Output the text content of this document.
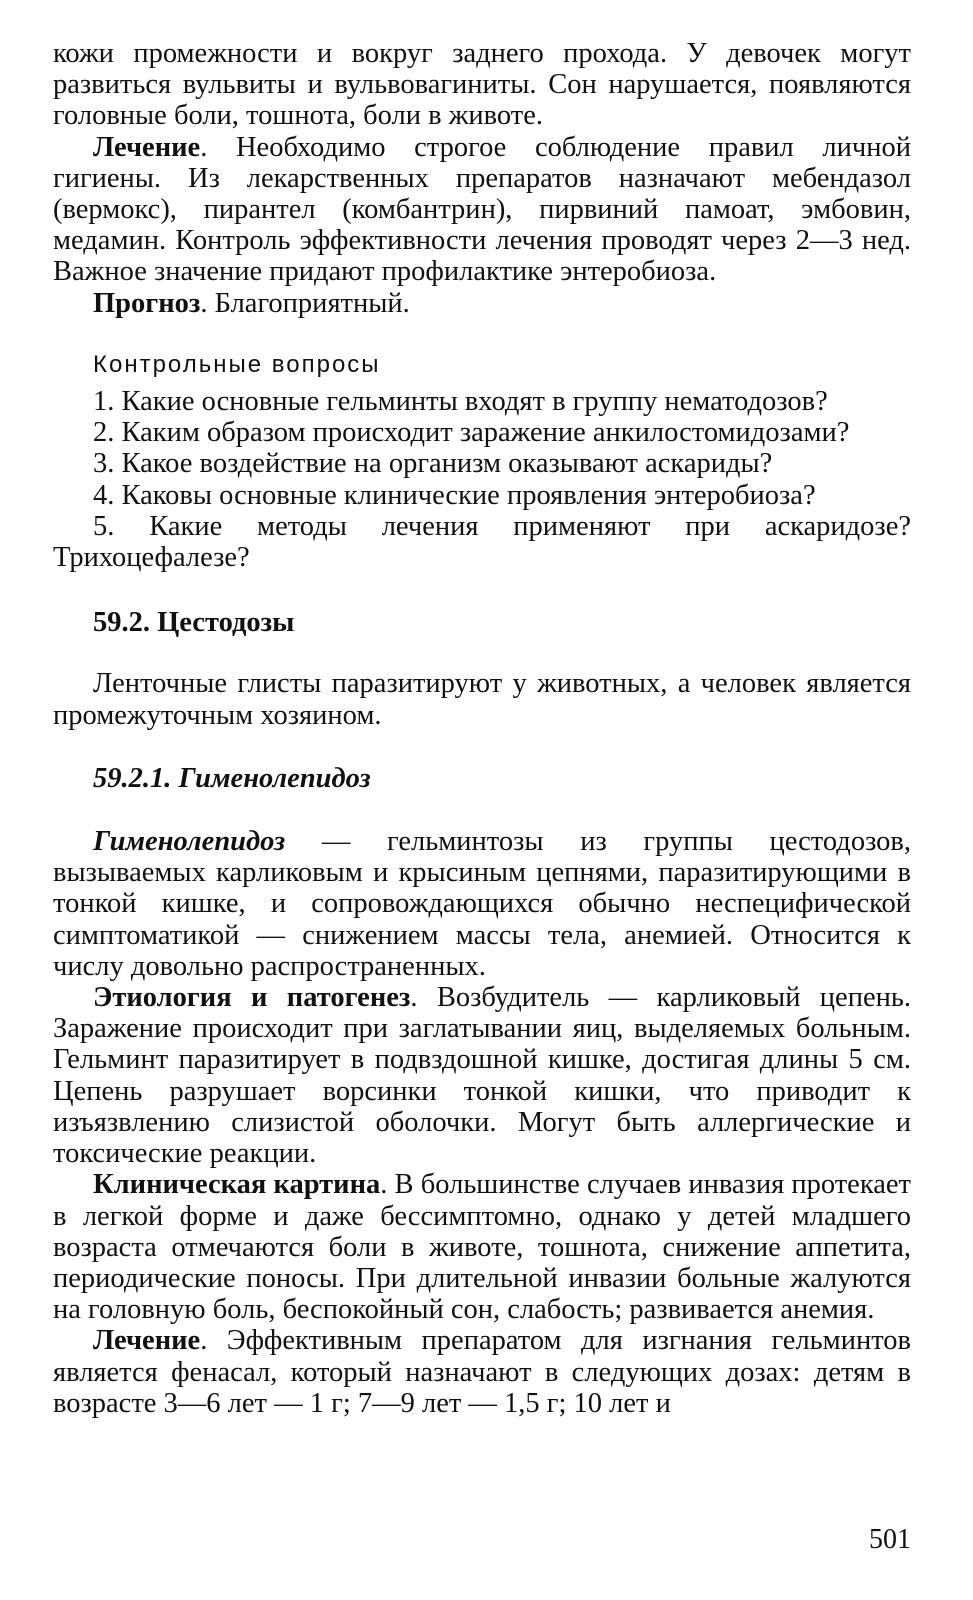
кожи промежности и вокруг заднего прохода. У девочек могут развиться вульвиты и вульвовагиниты. Сон нарушается, появляются головные боли, тошнота, боли в животе.

Лечение. Необходимо строгое соблюдение правил личной гигиены. Из лекарственных препаратов назначают мебендазол (вермокс), пирантел (комбантрин), пирвиний памоат, эмбовин, медамин. Контроль эффективности лечения проводят через 2—3 нед. Важное значение придают профилактике энтеробиоза.

Прогноз. Благоприятный.

Контрольные вопросы
1. Какие основные гельминты входят в группу нематодозов?
2. Каким образом происходит заражение анкилостомидозами?
3. Какое воздействие на организм оказывают аскариды?
4. Каковы основные клинические проявления энтеробиоза?
5. Какие методы лечения применяют при аскаридозе? Трихоцефалезе?
59.2. Цестодозы

Ленточные глисты паразитируют у животных, а человек является промежуточным хозяином.

59.2.1. Гименолепидоз

Гименолепидоз — гельминтозы из группы цестодозов, вызываемых карликовым и крысиным цепнями, паразитирующими в тонкой кишке, и сопровождающихся обычно неспецифической симптоматикой — снижением массы тела, анемией. Относится к числу довольно распространенных.

Этиология и патогенез. Возбудитель — карликовый цепень. Заражение происходит при заглатывании яиц, выделяемых больным. Гельминт паразитирует в подвздошной кишке, достигая длины 5 см. Цепень разрушает ворсинки тонкой кишки, что приводит к изъязвлению слизистой оболочки. Могут быть аллергические и токсические реакции.

Клиническая картина. В большинстве случаев инвазия протекает в легкой форме и даже бессимптомно, однако у детей младшего возраста отмечаются боли в животе, тошнота, снижение аппетита, периодические поносы. При длительной инвазии больные жалуются на головную боль, беспокойный сон, слабость; развивается анемия.

Лечение. Эффективным препаратом для изгнания гельминтов является фенасал, который назначают в следующих дозах: детям в возрасте 3—6 лет — 1 г; 7—9 лет — 1,5 г; 10 лет и

501
